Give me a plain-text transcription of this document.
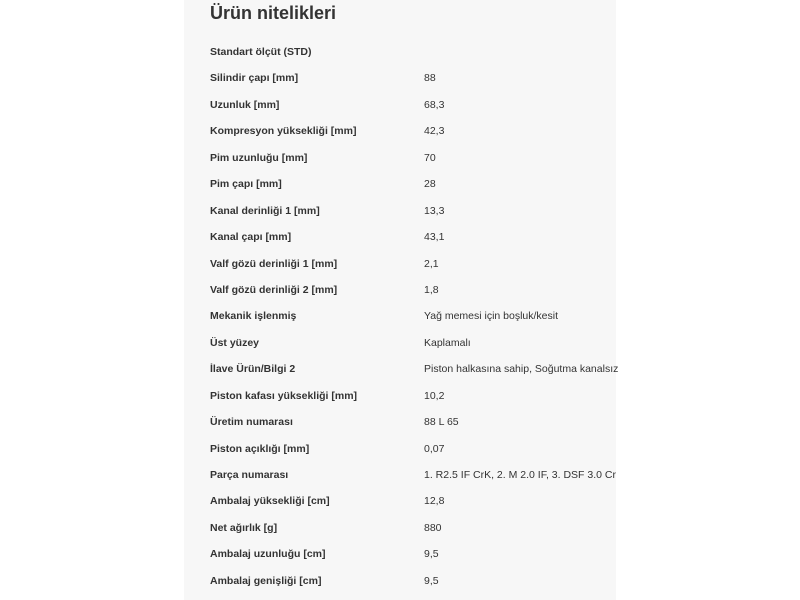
Ürün nitelikleri
Standart ölçüt (STD)
Silindir çapı [mm]	88
Uzunluk [mm]	68,3
Kompresyon yüksekliği [mm]	42,3
Pim uzunluğu [mm]	70
Pim çapı [mm]	28
Kanal derinliği 1 [mm]	13,3
Kanal çapı [mm]	43,1
Valf gözü derinliği 1 [mm]	2,1
Valf gözü derinliği 2 [mm]	1,8
Mekanik işlenmiş	Yağ memesi için boşluk/kesit
Üst yüzey	Kaplamalı
İlave Ürün/Bilgi 2	Piston halkasına sahip, Soğutma kanalsız
Piston kafası yüksekliği [mm]	10,2
Üretim numarası	88 L 65
Piston açıklığı [mm]	0,07
Parça numarası	1. R2.5 IF CrK, 2. M 2.0 IF, 3. DSF 3.0 Cr
Ambalaj yüksekliği [cm]	12,8
Net ağırlık [g]	880
Ambalaj uzunluğu [cm]	9,5
Ambalaj genişliği [cm]	9,5
